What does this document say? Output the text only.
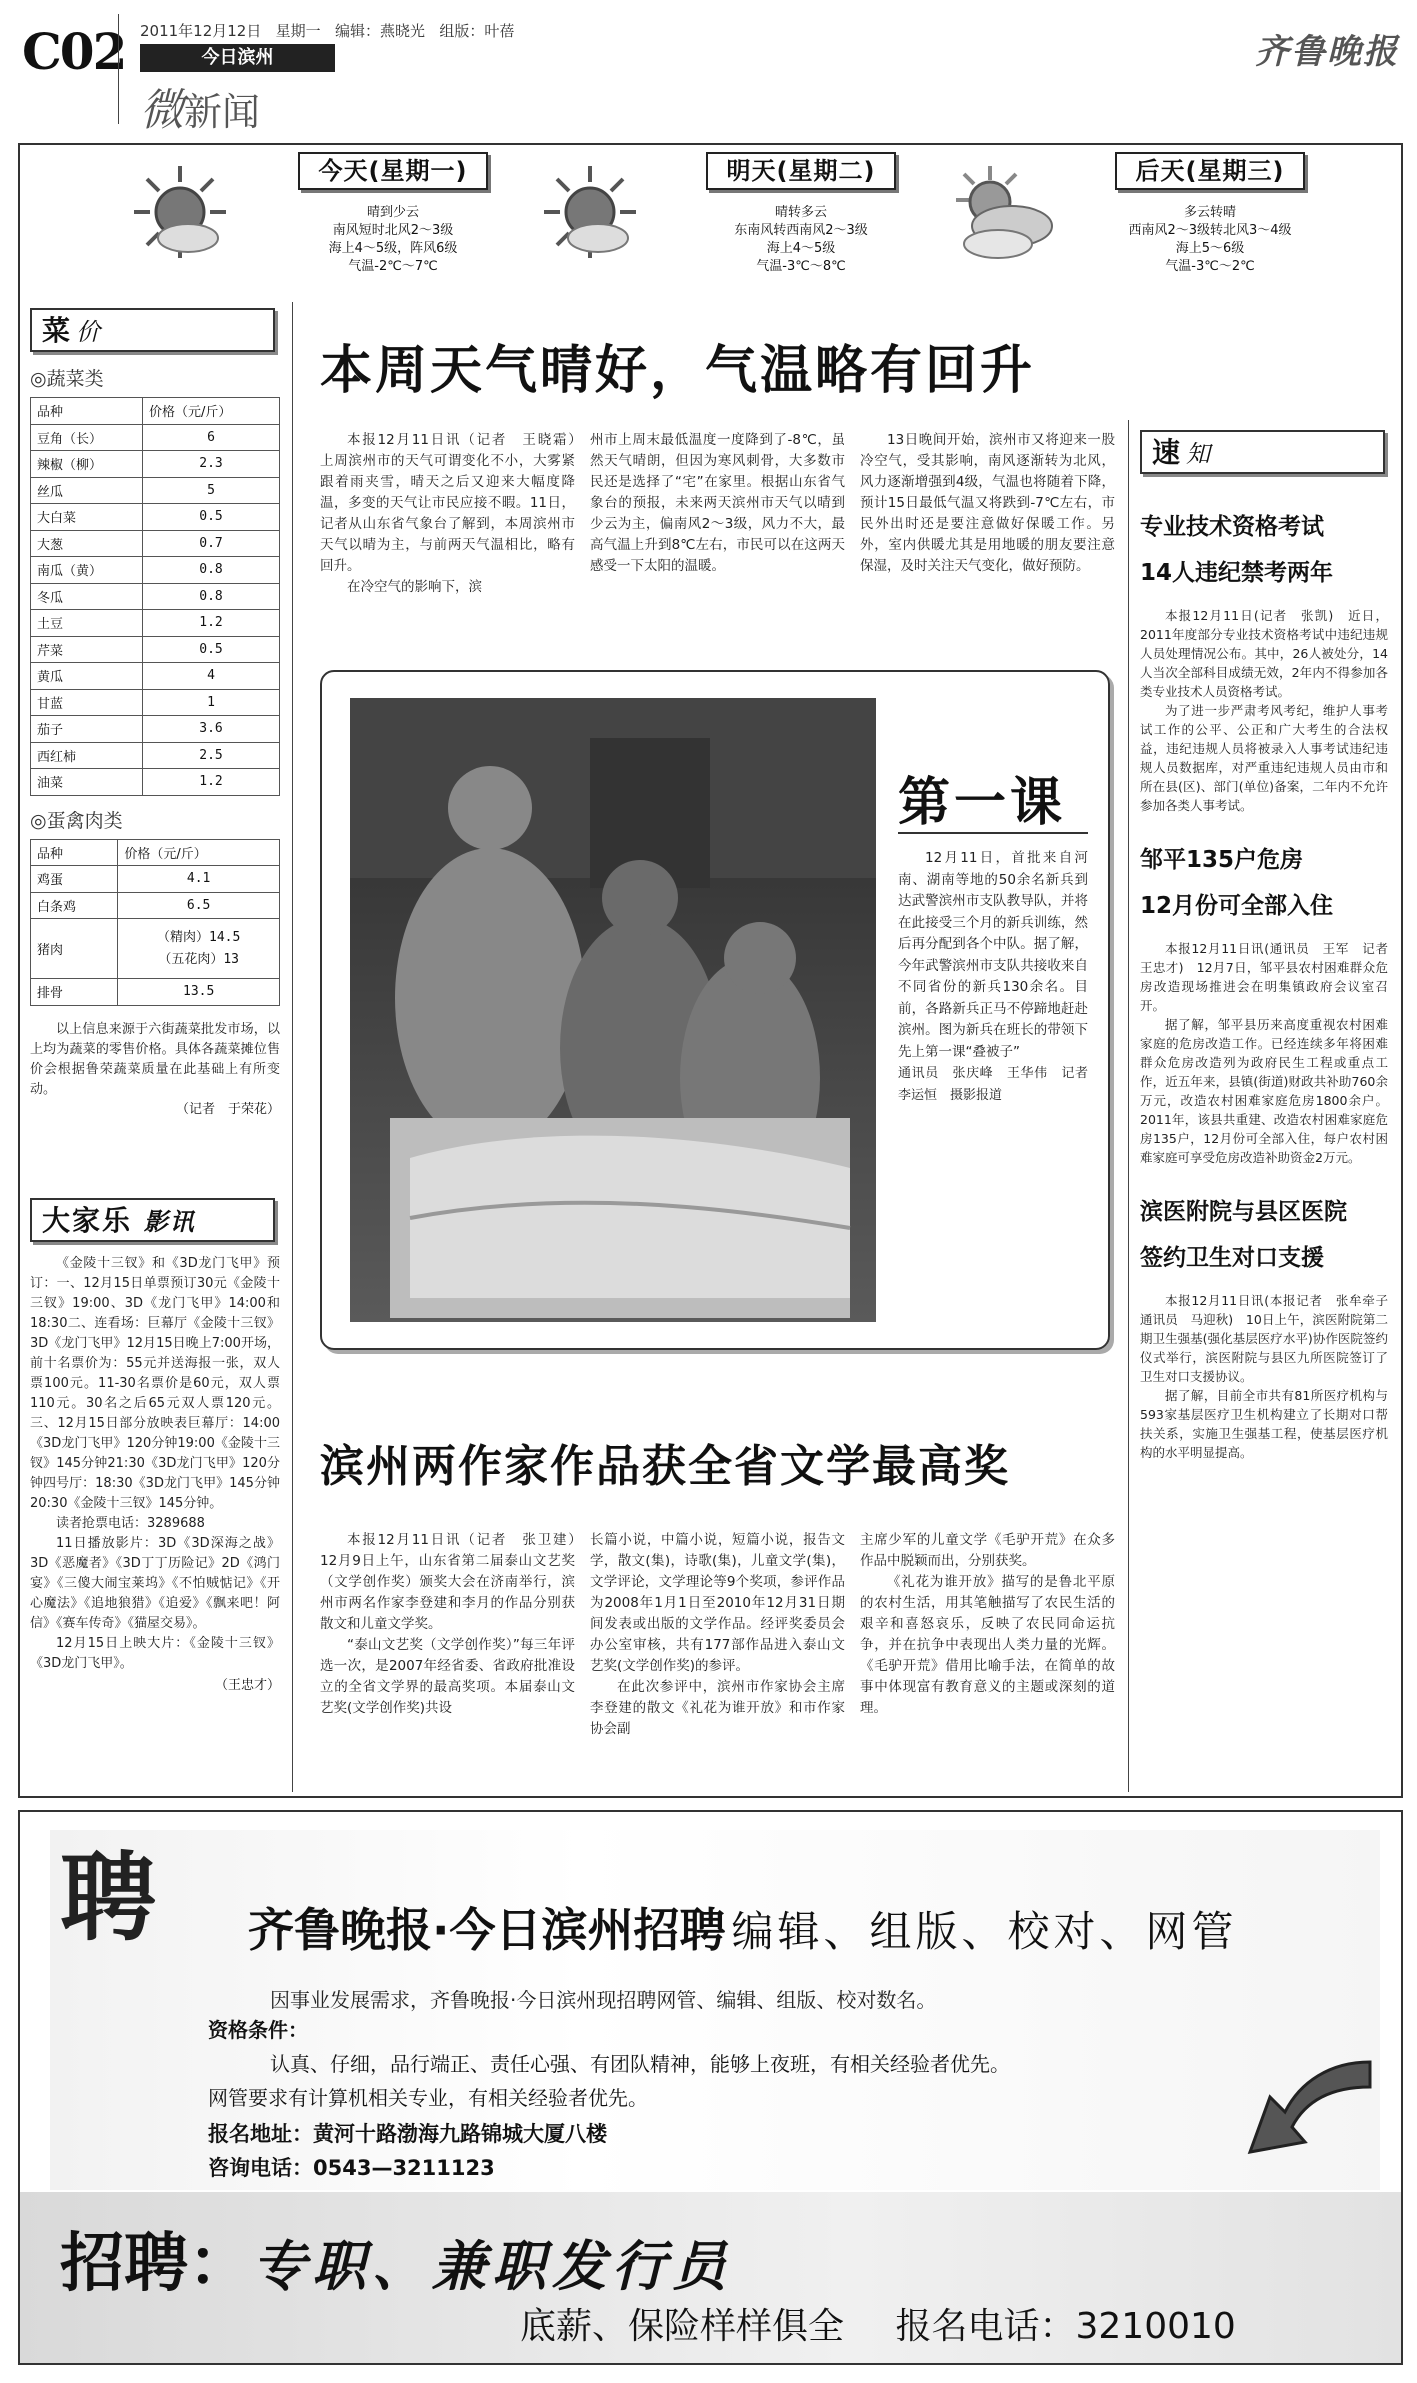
C02 2011年12月12日 星期一 编辑：燕晓光 组版：叶蓓
今日滨州
微新闻
齐鲁晚报
今天(星期一)
晴到少云
南风短时北风2～3级
海上4～5级，阵风6级
气温-2℃～7℃
明天(星期二)
晴转多云
东南风转西南风2～3级
海上4～5级
气温-3℃～8℃
后天(星期三)
多云转晴
西南风2～3级转北风3～4级
海上5～6级
气温-3℃～2℃
菜价
◎蔬菜类
品种	价格（元/斤）
豆角（长）	6
辣椒（柳）	2.3
丝瓜	5
大白菜	0.5
大葱	0.7
南瓜（黄）	0.8
冬瓜	0.8
土豆	1.2
芹菜	0.5
黄瓜	4
甘蓝	1
茄子	3.6
西红柿	2.5
油菜	1.2
◎蛋禽肉类
品种	价格（元/斤）
鸡蛋	4.1
白条鸡	6.5
猪肉	（精肉）14.5
（五花肉）13

排骨	13.5

以上信息来源于六街蔬菜批发市场，以上均为蔬菜的零售价格。具体各蔬菜摊位售价会根据鲁荣蔬菜质量在此基础上有所变动。

（记者　于荣花）
大家乐 影讯

《金陵十三钗》和《3D龙门飞甲》预订：一、12月15日单票预订30元《金陵十三钗》19:00、3D《龙门飞甲》14:00和18:30二、连看场：巨幕厅《金陵十三钗》3D《龙门飞甲》12月15日晚上7:00开场，前十名票价为：55元并送海报一张，双人票100元。11-30名票价是60元，双人票110元。30名之后65元双人票120元。三、12月15日部分放映表巨幕厅：14:00《3D龙门飞甲》120分钟19:00《金陵十三钗》145分钟21:30《3D龙门飞甲》120分钟四号厅：18:30《3D龙门飞甲》145分钟20:30《金陵十三钗》145分钟。

读者抢票电话：3289688

11日播放影片：3D《3D深海之战》3D《恶魔者》《3D丁丁历险记》2D《鸿门宴》《三傻大闹宝莱坞》《不怕贼惦记》《开心魔法》《追地狼猎》《追爱》《飘来吧！阿信》《赛车传奇》《猫屋交易》。

12月15日上映大片：《金陵十三钗》《3D龙门飞甲》。

（王忠才）
本周天气晴好，气温略有回升

本报12月11日讯（记者　王晓霜）　上周滨州市的天气可谓变化不小，大雾紧跟着雨夹雪，晴天之后又迎来大幅度降温，多变的天气让市民应接不暇。11日，记者从山东省气象台了解到，本周滨州市天气以晴为主，与前两天气温相比，略有回升。

在冷空气的影响下，滨

州市上周末最低温度一度降到了-8℃，虽然天气晴朗，但因为寒风刺骨，大多数市民还是选择了“宅”在家里。根据山东省气象台的预报，未来两天滨州市天气以晴到少云为主，偏南风2～3级，风力不大，最高气温上升到8℃左右，市民可以在这两天感受一下太阳的温暖。

13日晚间开始，滨州市又将迎来一股冷空气，受其影响，南风逐渐转为北风，风力逐渐增强到4级，气温也将随着下降，预计15日最低气温又将跌到-7℃左右，市民外出时还是要注意做好保暖工作。另外，室内供暖尤其是用地暖的朋友要注意保湿，及时关注天气变化，做好预防。

第一课

12月11日，首批来自河南、湖南等地的50余名新兵到达武警滨州市支队教导队，并将在此接受三个月的新兵训练，然后再分配到各个中队。据了解，今年武警滨州市支队共接收来自不同省份的新兵130余名。目前，各路新兵正马不停蹄地赶赴滨州。图为新兵在班长的带领下先上第一课“叠被子”

通讯员　张庆峰　王华伟　记者　李运恒　摄影报道
滨州两作家作品获全省文学最高奖

本报12月11日讯（记者　张卫建）　12月9日上午，山东省第二届泰山文艺奖（文学创作奖）颁奖大会在济南举行，滨州市两名作家李登建和李月的作品分别获散文和儿童文学奖。

“泰山文艺奖（文学创作奖）”每三年评选一次，是2007年经省委、省政府批准设立的全省文学界的最高奖项。本届泰山文艺奖(文学创作奖)共设

长篇小说，中篇小说，短篇小说，报告文学，散文(集)，诗歌(集)，儿童文学(集)，文学评论，文学理论等9个奖项，参评作品为2008年1月1日至2010年12月31日期间发表或出版的文学作品。经评奖委员会办公室审核，共有177部作品进入泰山文艺奖(文学创作奖)的参评。

在此次参评中，滨州市作家协会主席李登建的散文《礼花为谁开放》和市作家协会副

主席少军的儿童文学《毛驴开荒》在众多作品中脱颖而出，分别获奖。

《礼花为谁开放》描写的是鲁北平原的农村生活，用其笔触描写了农民生活的艰辛和喜怒哀乐，反映了农民同命运抗争，并在抗争中表现出人类力量的光辉。《毛驴开荒》借用比喻手法，在简单的故事中体现富有教育意义的主题或深刻的道理。

速知
专业技术资格考试
14人违纪禁考两年

本报12月11日(记者　张凯)　近日，2011年度部分专业技术资格考试中违纪违规人员处理情况公布。其中，26人被处分，14人当次全部科目成绩无效，2年内不得参加各类专业技术人员资格考试。

为了进一步严肃考风考纪，维护人事考试工作的公平、公正和广大考生的合法权益，违纪违规人员将被录入人事考试违纪违规人员数据库，对严重违纪违规人员由市和所在县(区)、部门(单位)备案，二年内不允许参加各类人事考试。

邹平135户危房
12月份可全部入住

本报12月11日讯(通讯员　王军　记者　王忠才)　12月7日，邹平县农村困难群众危房改造现场推进会在明集镇政府会议室召开。

据了解，邹平县历来高度重视农村困难家庭的危房改造工作。已经连续多年将困难群众危房改造列为政府民生工程或重点工作，近五年来，县镇(街道)财政共补助760余万元，改造农村困难家庭危房1800余户。2011年，该县共重建、改造农村困难家庭危房135户，12月份可全部入住，每户农村困难家庭可享受危房改造补助资金2万元。

滨医附院与县区医院
签约卫生对口支援

本报12月11日讯(本报记者　张牟牵子　通讯员　马迎秋)　10日上午，滨医附院第二期卫生强基(强化基层医疗水平)协作医院签约仪式举行，滨医附院与县区九所医院签订了卫生对口支援协议。

据了解，目前全市共有81所医疗机构与593家基层医疗卫生机构建立了长期对口帮扶关系，实施卫生强基工程，使基层医疗机构的水平明显提高。

聘 齐鲁晚报·今日滨州招聘 编辑、组版、校对、网管
因事业发展需求，齐鲁晚报·今日滨州现招聘网管、编辑、组版、校对数名。
资格条件：
认真、仔细，品行端正、责任心强、有团队精神，能够上夜班，有相关经验者优先。
网管要求有计算机相关专业，有相关经验者优先。
报名地址：黄河十路渤海九路锦城大厦八楼
咨询电话：0543—3211123
招聘：专职、兼职发行员
底薪、保险样样俱全 报名电话：3210010
